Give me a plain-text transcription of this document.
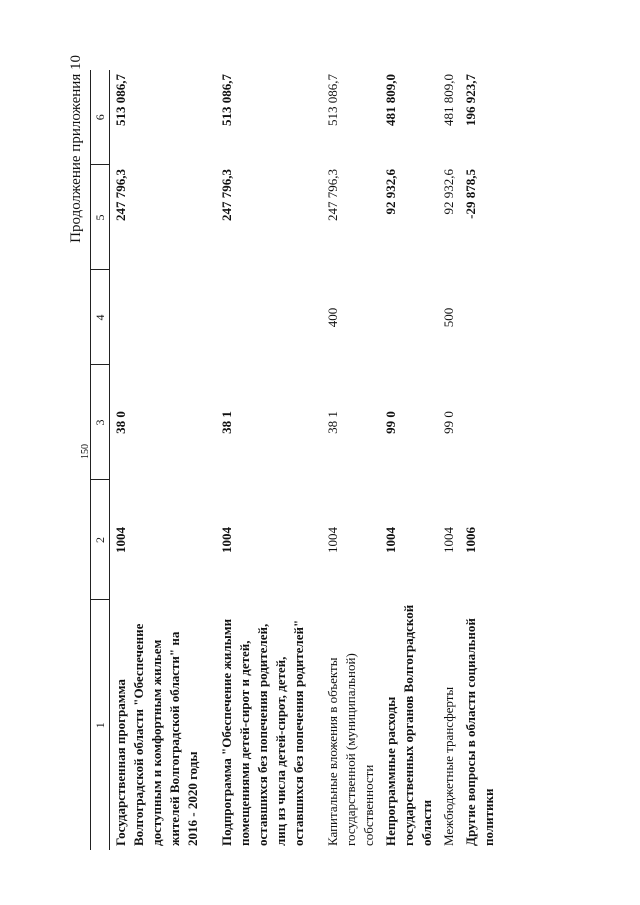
150
Продолжение приложения 10
1	2	3	4	5	6
Государственная программа Волгоградской области "Обеспечение доступным и комфортным жильем жителей Волгоградской области" на 2016 - 2020 годы	1004	38 0		247 796,3	513 086,7
Подпрограмма "Обеспечение жилыми помещениями детей-сирот и детей, оставшихся без попечения родителей, лиц из числа детей-сирот, детей, оставшихся без попечения родителей"	1004	38 1		247 796,3	513 086,7
Капитальные вложения в объекты государственной (муниципальной) собственности	1004	38 1	400	247 796,3	513 086,7
Непрограммные расходы государственных органов Волгоградской области	1004	99 0		92 932,6	481 809,0
Межбюджетные трансферты	1004	99 0	500	92 932,6	481 809,0
Другие вопросы в области социальной политики	1006			-29 878,5	196 923,7
